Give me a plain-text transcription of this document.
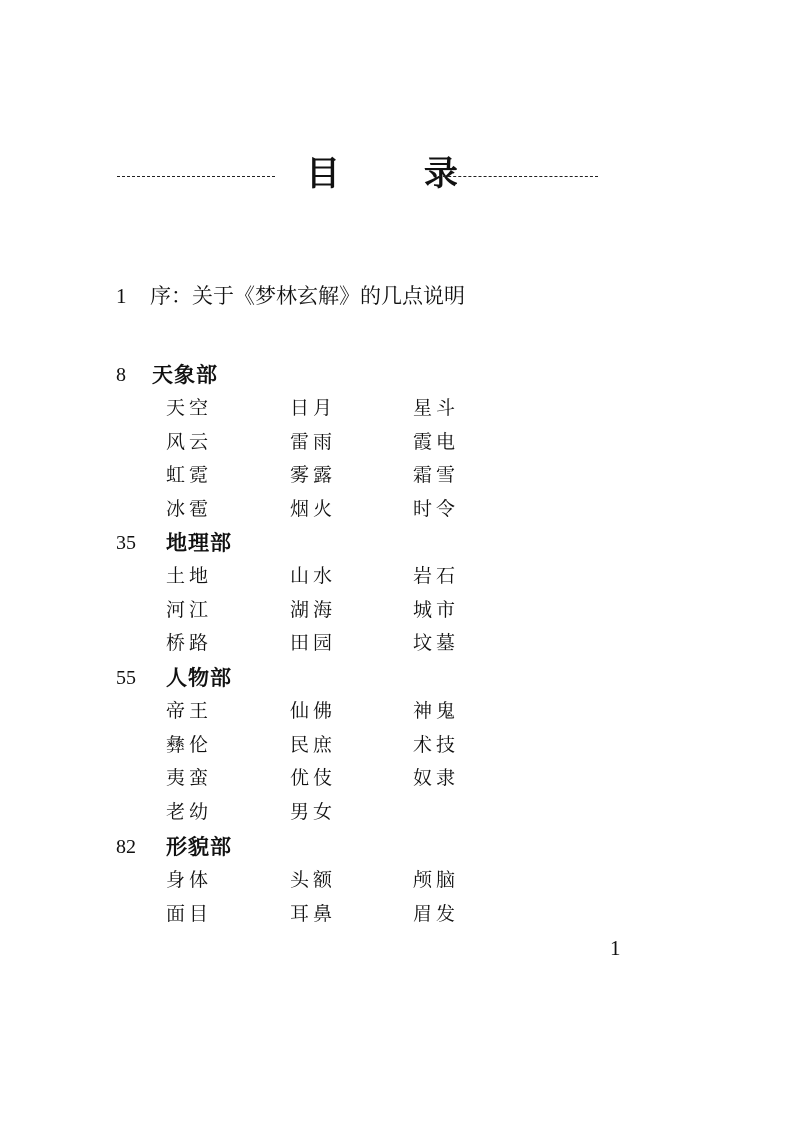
目 录
1 序：关于《梦林玄解》的几点说明
8 天象部
天空	日月	星斗
风云	雷雨	霞电
虹霓	雾露	霜雪
冰雹	烟火	时令
35 地理部
土地	山水	岩石
河江	湖海	城市
桥路	田园	坟墓
55 人物部
帝王	仙佛	神鬼
彝伦	民庶	术技
夷蛮	优伎	奴隶
老幼	男女
82 形貌部
身体	头额	颅脑
面目	耳鼻	眉发
1
